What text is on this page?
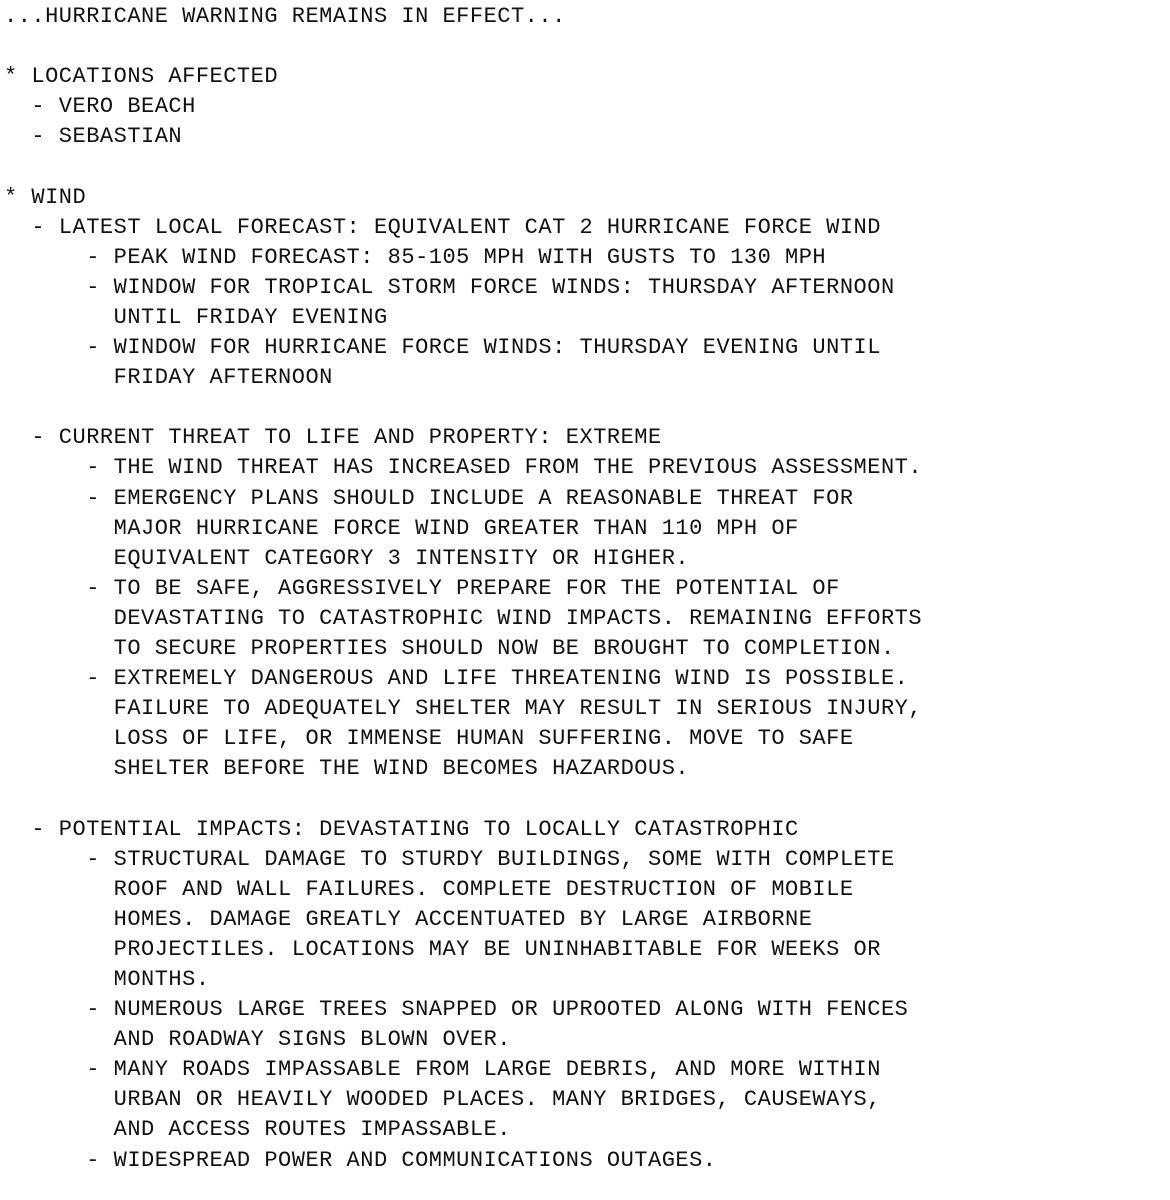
...HURRICANE WARNING REMAINS IN EFFECT...
* LOCATIONS AFFECTED
- VERO BEACH
- SEBASTIAN
* WIND
- LATEST LOCAL FORECAST: EQUIVALENT CAT 2 HURRICANE FORCE WIND
- PEAK WIND FORECAST: 85-105 MPH WITH GUSTS TO 130 MPH
- WINDOW FOR TROPICAL STORM FORCE WINDS: THURSDAY AFTERNOON
UNTIL FRIDAY EVENING
- WINDOW FOR HURRICANE FORCE WINDS: THURSDAY EVENING UNTIL
FRIDAY AFTERNOON
- CURRENT THREAT TO LIFE AND PROPERTY: EXTREME
- THE WIND THREAT HAS INCREASED FROM THE PREVIOUS ASSESSMENT.
- EMERGENCY PLANS SHOULD INCLUDE A REASONABLE THREAT FOR
MAJOR HURRICANE FORCE WIND GREATER THAN 110 MPH OF
EQUIVALENT CATEGORY 3 INTENSITY OR HIGHER.
- TO BE SAFE, AGGRESSIVELY PREPARE FOR THE POTENTIAL OF
DEVASTATING TO CATASTROPHIC WIND IMPACTS. REMAINING EFFORTS
TO SECURE PROPERTIES SHOULD NOW BE BROUGHT TO COMPLETION.
- EXTREMELY DANGEROUS AND LIFE THREATENING WIND IS POSSIBLE.
FAILURE TO ADEQUATELY SHELTER MAY RESULT IN SERIOUS INJURY,
LOSS OF LIFE, OR IMMENSE HUMAN SUFFERING. MOVE TO SAFE
SHELTER BEFORE THE WIND BECOMES HAZARDOUS.
- POTENTIAL IMPACTS: DEVASTATING TO LOCALLY CATASTROPHIC
- STRUCTURAL DAMAGE TO STURDY BUILDINGS, SOME WITH COMPLETE
ROOF AND WALL FAILURES. COMPLETE DESTRUCTION OF MOBILE
HOMES. DAMAGE GREATLY ACCENTUATED BY LARGE AIRBORNE
PROJECTILES. LOCATIONS MAY BE UNINHABITABLE FOR WEEKS OR
MONTHS.
- NUMEROUS LARGE TREES SNAPPED OR UPROOTED ALONG WITH FENCES
AND ROADWAY SIGNS BLOWN OVER.
- MANY ROADS IMPASSABLE FROM LARGE DEBRIS, AND MORE WITHIN
URBAN OR HEAVILY WOODED PLACES. MANY BRIDGES, CAUSEWAYS,
AND ACCESS ROUTES IMPASSABLE.
- WIDESPREAD POWER AND COMMUNICATIONS OUTAGES.
